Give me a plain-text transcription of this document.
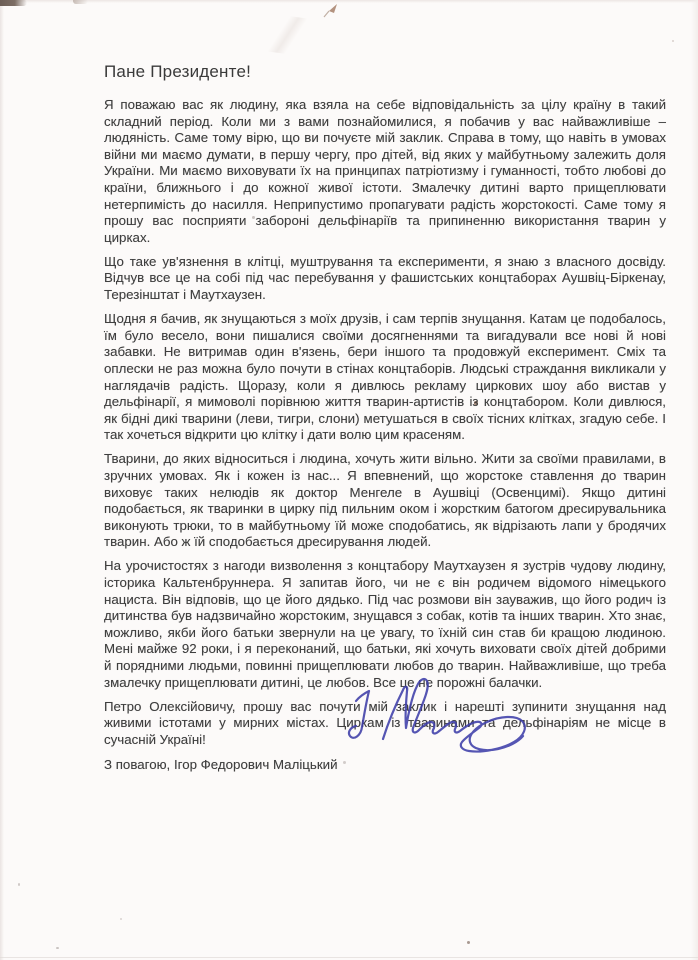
Пане Президенте!

Я поважаю вас як людину, яка взяла на себе відповідальність за цілу країну в такий складний період. Коли ми з вами познайомилися, я побачив у вас найважливіше – людяність. Саме тому вірю, що ви почуєте мій заклик. Справа в тому, що навіть в умовах війни ми маємо думати, в першу чергу, про дітей, від яких у майбутньому залежить доля України. Ми маємо виховувати їх на принципах патріотизму і гуманності, тобто любові до країни, ближнього і до кожної живої істоти. Змалечку дитині варто прищеплювати нетерпимість до насилля. Неприпустимо пропагувати радість жорстокості. Саме тому я прошу вас посприяти забороні дельфінаріїв та припиненню використання тварин у цирках.

Що таке ув'язнення в клітці, муштрування та експерименти, я знаю з власного досвіду. Відчув все це на собі під час перебування у фашистських концтаборах Аушвіц-Біркенау, Терезінштат і Маутхаузен.

Щодня я бачив, як знущаються з моїх друзів, і сам терпів знущання. Катам це подобалось, їм було весело, вони пишалися своїми досягненнями та вигадували все нові й нові забавки. Не витримав один в'язень, бери іншого та продовжуй експеримент. Сміх та оплески не раз можна було почути в стінах концтаборів. Людські страждання викликали у наглядачів радість. Щоразу, коли я дивлюсь рекламу циркових шоу або вистав у дельфінарії, я мимоволі порівнюю життя тварин-артистів із концтабором. Коли дивлюся, як бідні дикі тварини (леви, тигри, слони) метушаться в своїх тісних клітках, згадую себе. І так хочеться відкрити цю клітку і дати волю цим красеням.

Тварини, до яких відноситься і людина, хочуть жити вільно. Жити за своїми правилами, в зручних умовах. Як і кожен із нас... Я впевнений, що жорстоке ставлення до тварин виховує таких нелюдів як доктор Менгеле в Аушвіці (Освенцимі). Якщо дитині подобається, як тваринки в цирку під пильним оком і жорстким батогом дресирувальника виконують трюки, то в майбутньому їй може сподобатись, як відрізають лапи у бродячих тварин. Або ж їй сподобається дресирування людей.

На урочистостях з нагоди визволення з концтабору Маутхаузен я зустрів чудову людину, історика Кальтенбруннера. Я запитав його, чи не є він родичем відомого німецького нациста. Він відповів, що це його дядько. Під час розмови він зауважив, що його родич із дитинства був надзвичайно жорстоким, знущався з собак, котів та інших тварин. Хто знає, можливо, якби його батьки звернули на це увагу, то їхній син став би кращою людиною. Мені майже 92 роки, і я переконаний, що батьки, які хочуть виховати своїх дітей добрими й порядними людьми, повинні прищеплювати любов до тварин. Найважливіше, що треба змалечку прищеплювати дитині, це любов. Все це не порожні балачки.

Петро Олексійовичу, прошу вас почути мій заклик і нарешті зупинити знущання над живими істотами у мирних містах. Циркам із тваринами та дельфінаріям не місце в сучасній Україні!

З повагою, Ігор Федорович Маліцький
